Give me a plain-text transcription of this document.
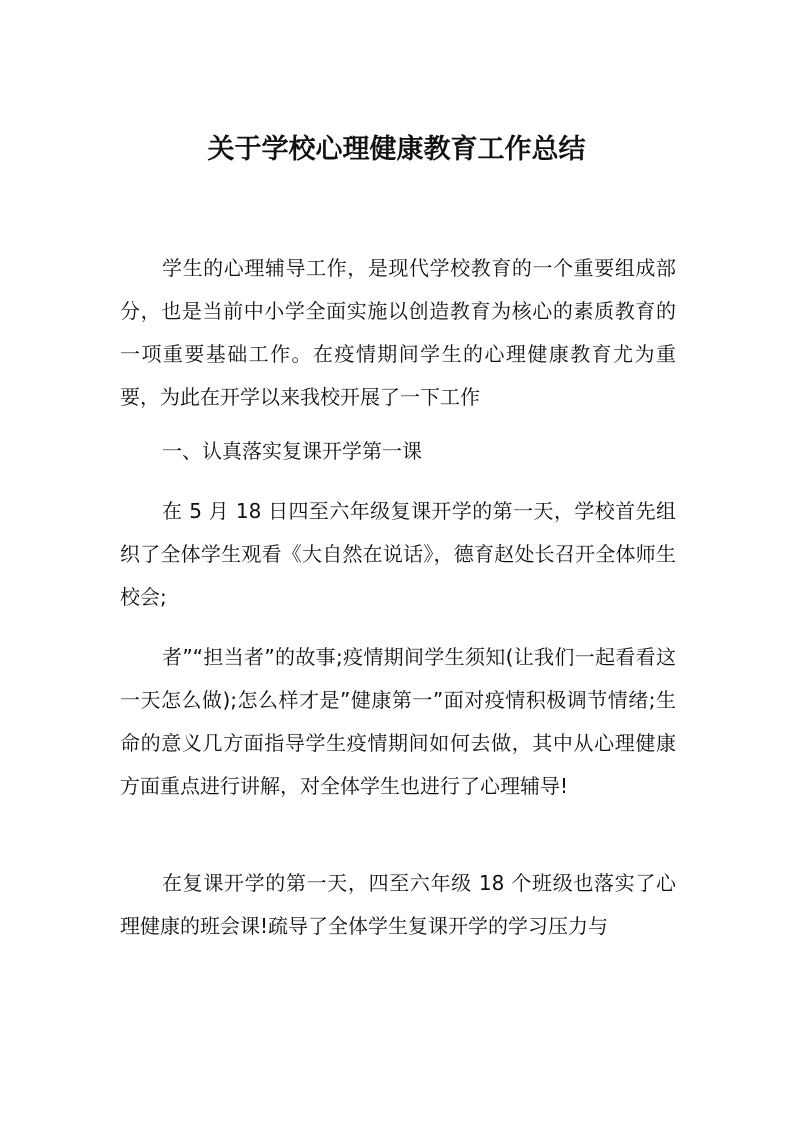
关于学校心理健康教育工作总结
学生的心理辅导工作，是现代学校教育的一个重要组成部分，也是当前中小学全面实施以创造教育为核心的素质教育的一项重要基础工作。在疫情期间学生的心理健康教育尤为重要，为此在开学以来我校开展了一下工作
一、认真落实复课开学第一课
在 5 月 18 日四至六年级复课开学的第一天，学校首先组织了全体学生观看《大自然在说话》，德育赵处长召开全体师生校会;
者”“担当者”的故事;疫情期间学生须知(让我们一起看看这一天怎么做);怎么样才是”健康第一”面对疫情积极调节情绪;生命的意义几方面指导学生疫情期间如何去做，其中从心理健康方面重点进行讲解，对全体学生也进行了心理辅导!
在复课开学的第一天，四至六年级 18 个班级也落实了心理健康的班会课!疏导了全体学生复课开学的学习压力与
